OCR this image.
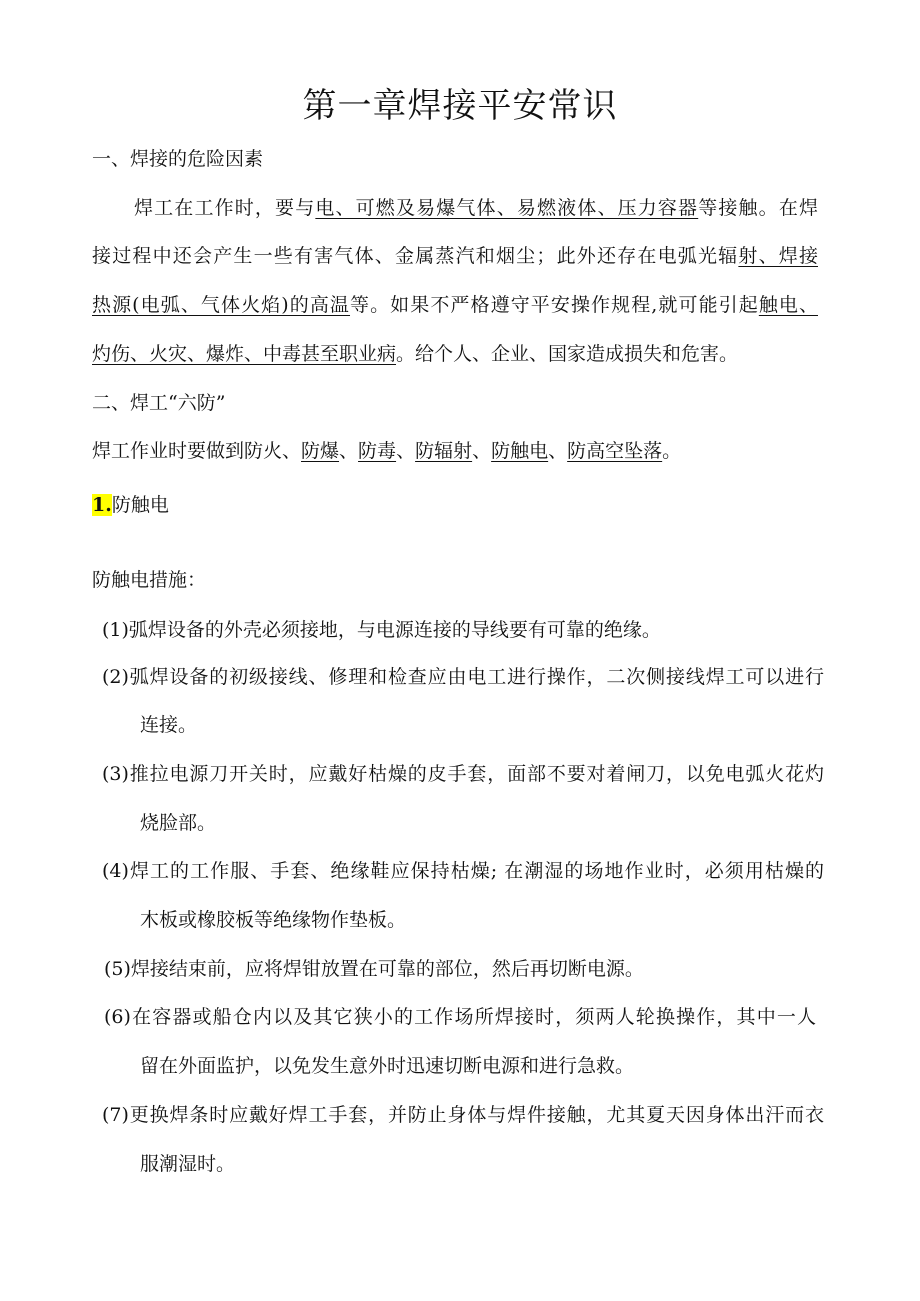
第一章焊接平安常识
一、焊接的危险因素
焊工在工作时，要与电、可燃及易爆气体、易燃液体、压力容器等接触。在焊
接过程中还会产生一些有害气体、金属蒸汽和烟尘；此外还存在电弧光辐射、焊接
热源(电弧、气体火焰)的高温等。如果不严格遵守平安操作规程,就可能引起触电、
灼伤、火灾、爆炸、中毒甚至职业病。给个人、企业、国家造成损失和危害。
二、焊工“六防”
焊工作业时要做到防火、防爆、防毒、防辐射、防触电、防高空坠落。
1.防触电
防触电措施：
(1)弧焊设备的外壳必须接地，与电源连接的导线要有可靠的绝缘。
(2)弧焊设备的初级接线、修理和检查应由电工进行操作，二次侧接线焊工可以进行
连接。
(3)推拉电源刀开关时，应戴好枯燥的皮手套，面部不要对着闸刀，以免电弧火花灼
烧脸部。
(4)焊工的工作服、手套、绝缘鞋应保持枯燥; 在潮湿的场地作业时，必须用枯燥的
木板或橡胶板等绝缘物作垫板。
(5)焊接结束前，应将焊钳放置在可靠的部位，然后再切断电源。
(6)在容器或船仓内以及其它狭小的工作场所焊接时，须两人轮换操作，其中一人
留在外面监护，以免发生意外时迅速切断电源和进行急救。
(7)更换焊条时应戴好焊工手套，并防止身体与焊件接触，尤其夏天因身体出汗而衣
服潮湿时。
